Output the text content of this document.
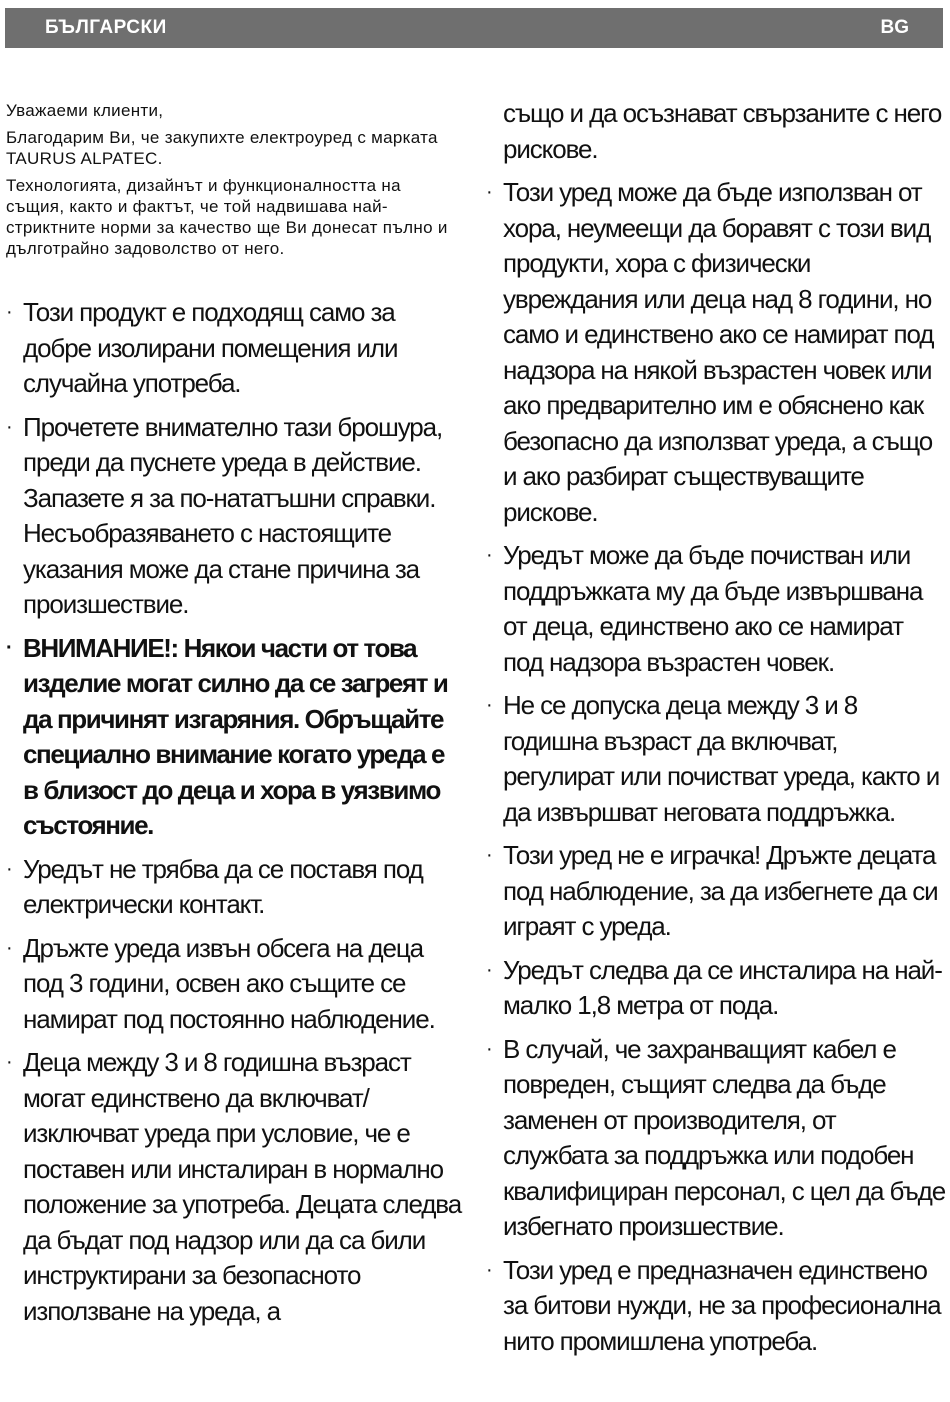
БЪЛГАРСКИ	BG

Уважаеми клиенти,

Благодарим Ви, че закупихте електроуред с марката TAURUS ALPATEC.

Технологията, дизайнът и функционалността на същия, както и фактът, че той надвишава най-стриктните норми за качество ще Ви донесат пълно и дълготрайно задоволство от него.

· Този продукт е подходящ само за добре изолирани помещения или случайна употреба.
· Прочетете внимателно тази брошура, преди да пуснете уреда в действие. Запазете я за по-нататъшни справки. Несъобразяването с настоящите указания може да стане причина за произшествие.
· ВНИМАНИЕ!: Някои части от това изделие могат силно да се загреят и да причинят изгаряния. Обръщайте специално внимание когато уреда е в близост до деца и хора в уязвимо състояние.
· Уредът не трябва да се поставя под електрически контакт.
· Дръжте уреда извън обсега на деца под 3 години, освен ако същите се намират под постоянно наблюдение.
· Деца между 3 и 8 годишна възраст могат единствено да включват/изключват уреда при условие, че е поставен или инсталиран в нормално положение за употреба. Децата следва да бъдат под надзор или да са били инструктирани за безопасното използване на уреда, а
също и да осъзнават свързаните с него рискове.
· Този уред може да бъде използван от хора, неумеещи да боравят с този вид продукти, хора с физически увреждания или деца над 8 години, но само и единствено ако се намират под надзора на някой възрастен човек или ако предварително им е обяснено как безопасно да използват уреда, а също и ако разбират съществуващите рискове.
· Уредът може да бъде почистван или поддръжката му да бъде извършвана от деца, единствено ако се намират под надзора възрастен човек.
· Не се допуска деца между 3 и 8 годишна възраст да включват, регулират или почистват уреда, както и да извършват неговата поддръжка.
· Този уред не е играчка! Дръжте децата под наблюдение, за да избегнете да си играят с уреда.
· Уредът следва да се инсталира на най-малко 1,8 метра от пода.
· В случай, че захранващият кабел е повреден, същият следва да бъде заменен от производителя, от службата за поддръжка или подобен квалифициран персонал, с цел да бъде избегнато произшествие.
· Този уред е предназначен единствено за битови нужди, не за професионална нито промишлена употреба.
